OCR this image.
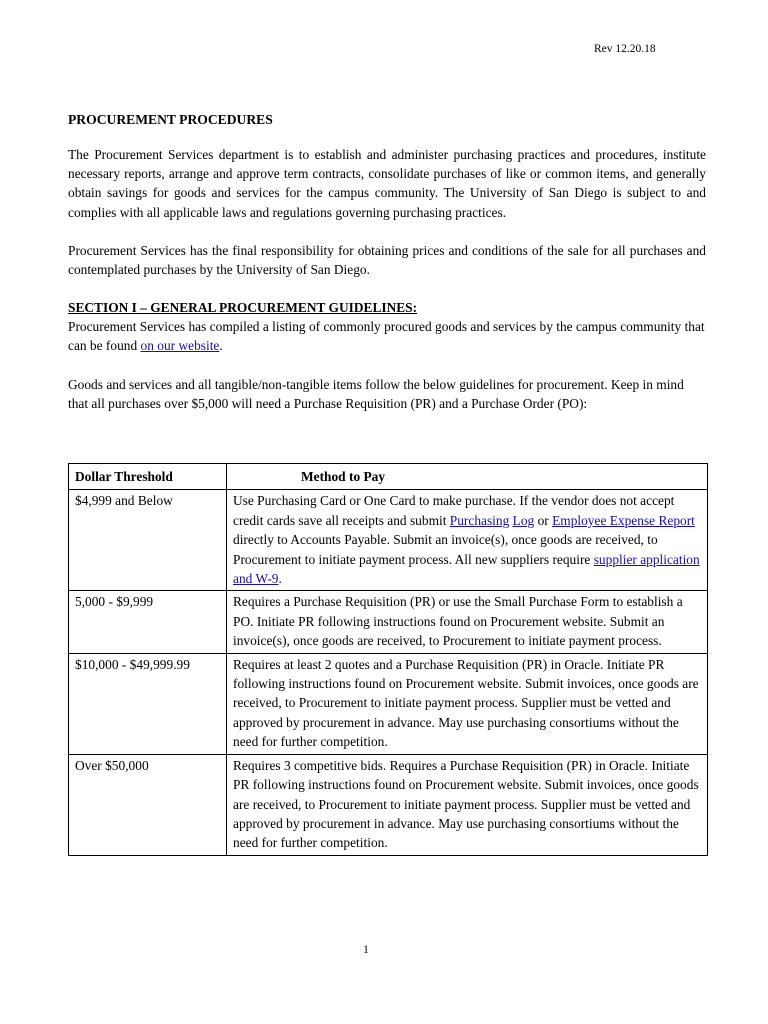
Rev 12.20.18
PROCUREMENT PROCEDURES

The Procurement Services department is to establish and administer purchasing practices and procedures, institute necessary reports, arrange and approve term contracts, consolidate purchases of like or common items, and generally obtain savings for goods and services for the campus community. The University of San Diego is subject to and complies with all applicable laws and regulations governing purchasing practices.

Procurement Services has the final responsibility for obtaining prices and conditions of the sale for all purchases and contemplated purchases by the University of San Diego.

SECTION I – GENERAL PROCUREMENT GUIDELINES:

Procurement Services has compiled a listing of commonly procured goods and services by the campus community that can be found on our website.

Goods and services and all tangible/non-tangible items follow the below guidelines for procurement. Keep in mind that all purchases over $5,000 will need a Purchase Requisition (PR) and a Purchase Order (PO):

Dollar Threshold	Method to Pay
$4,999 and Below	Use Purchasing Card or One Card to make purchase. If the vendor does not accept credit cards save all receipts and submit Purchasing Log or Employee Expense Report directly to Accounts Payable. Submit an invoice(s), once goods are received, to Procurement to initiate payment process. All new suppliers require supplier application and W-9.
5,000 - $9,999	Requires a Purchase Requisition (PR) or use the Small Purchase Form to establish a PO. Initiate PR following instructions found on Procurement website. Submit an invoice(s), once goods are received, to Procurement to initiate payment process.
$10,000 - $49,999.99	Requires at least 2 quotes and a Purchase Requisition (PR) in Oracle. Initiate PR following instructions found on Procurement website. Submit invoices, once goods are received, to Procurement to initiate payment process. Supplier must be vetted and approved by procurement in advance. May use purchasing consortiums without the need for further competition.
Over $50,000	Requires 3 competitive bids. Requires a Purchase Requisition (PR) in Oracle. Initiate PR following instructions found on Procurement website. Submit invoices, once goods are received, to Procurement to initiate payment process. Supplier must be vetted and approved by procurement in advance. May use purchasing consortiums without the need for further competition.
1
